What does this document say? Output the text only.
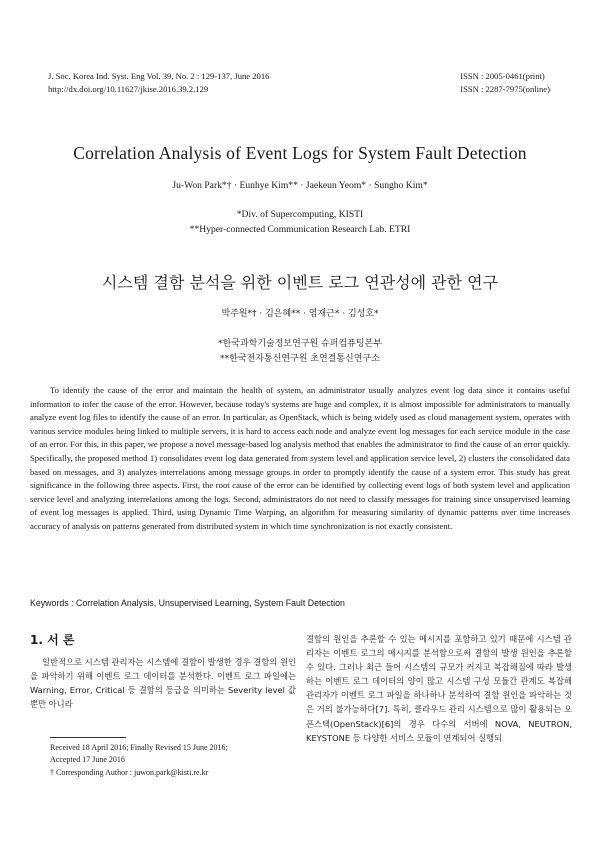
J. Soc. Korea Ind. Syst. Eng Vol. 39, No. 2 : 129-137, June 2016
http://dx.doi.org/10.11627/jkise.2016.39.2.129
ISSN : 2005-0461(print)
ISSN : 2287-7975(online)
Correlation Analysis of Event Logs for System Fault Detection
Ju-Won Park*† · Eunhye Kim** · Jaekeun Yeom* · Sungho Kim*
*Div. of Supercomputing, KISTI
**Hyper-connected Communication Research Lab. ETRI
시스템 결함 분석을 위한 이벤트 로그 연관성에 관한 연구
박주원*† · 김은혜** · 염재근* · 김성호*
*한국과학기술정보연구원 슈퍼컴퓨팅본부
**한국전자통신연구원 초연결통신연구소

To identify the cause of the error and maintain the health of system, an administrator usually analyzes event log data since it contains useful information to infer the cause of the error. However, because today's systems are huge and complex, it is almost impossible for administrators to manually analyze event log files to identify the cause of an error. In particular, as OpenStack, which is being widely used as cloud management system, operates with various service modules being linked to multiple servers, it is hard to access each node and analyze event log messages for each service module in the case of an error. For this, in this paper, we propose a novel message-based log analysis method that enables the administrator to find the cause of an error quickly. Specifically, the proposed method 1) consolidates event log data generated from system level and application service level, 2) clusters the consolidated data based on messages, and 3) analyzes interrelations among message groups in order to promptly identify the cause of a system error. This study has great significance in the following three aspects. First, the root cause of the error can be identified by collecting event logs of both system level and application service level and analyzing interrelations among the logs. Second, administrators do not need to classify messages for training since unsupervised learning of event log messages is applied. Third, using Dynamic Time Warping, an algorithm for measuring similarity of dynamic patterns over time increases accuracy of analysis on patterns generated from distributed system in which time synchronization is not exactly consistent.

Keywords : Correlation Analysis, Unsupervised Learning, System Fault Detection
1. 서 론

일반적으로 시스템 관리자는 시스템에 결함이 발생한 경우 결함의 원인을 파악하기 위해 이벤트 로그 데이터를 분석한다. 이벤트 로그 파일에는 Warning, Error, Critical 등 결함의 등급을 의미하는 Severity level 값뿐만 아니라

결함의 원인을 추론할 수 있는 메시지를 포함하고 있기 때문에 시스템 관리자는 이벤트 로그의 메시지를 분석함으로써 결함의 발생 원인을 추론할 수 있다. 그러나 최근 들어 시스템의 규모가 커지고 복잡해짐에 따라 발생하는 이벤트 로그 데이터의 양이 많고 시스템 구성 모듈간 관계도 복잡해 관리자가 이벤트 로그 파일을 하나하나 분석하여 결함 원인을 파악하는 것은 거의 불가능하다[7]. 특히, 클라우드 관리 시스템으로 많이 활용되는 오픈스택(OpenStack)[6]의 경우 다수의 서버에 NOVA, NEUTRON, KEYSTONE 등 다양한 서비스 모듈이 연계되어 실행되

Received 18 April 2016; Finally Revised 15 June 2016;
Accepted 17 June 2016
† Corresponding Author : juwon.park@kisti.re.kr
